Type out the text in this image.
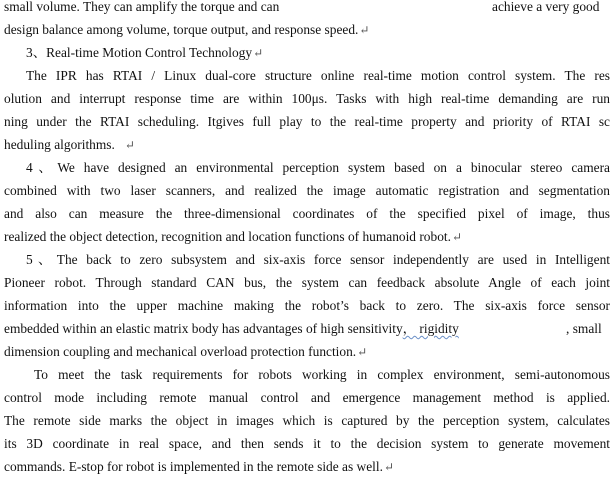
small volume. They can amplify the torque and can	achieve a very good
design balance among volume, torque output, and response speed.↵
3、Real-time Motion Control Technology↵
The IPR has RTAI / Linux dual-core structure online real-time motion control system. The res
olution and interrupt response time are within 100μs. Tasks with high real-time demanding are run
ning under the RTAI scheduling. Itgives full play to the real-time property and priority of RTAI sc
heduling algorithms. ↵
4、We have designed an environmental perception system based on a binocular stereo camera
combined with two laser scanners, and realized the image automatic registration and segmentation
and also can measure the three-dimensional coordinates of the specified pixel of image, thus
realized the object detection, recognition and location functions of humanoid robot.↵
5、The back to zero subsystem and six-axis force sensor independently are used in Intelligent
Pioneer robot. Through standard CAN bus, the system can feedback absolute Angle of each joint
information into the upper machine making the robot’s back to zero. The six-axis force sensor
embedded within an elastic matrix body has advantages of high sensitivity， rigidity	, small
dimension coupling and mechanical overload protection function.↵
To meet the task requirements for robots working in complex environment, semi-autonomous
control mode including remote manual control and emergence management method is applied.
The remote side marks the object in images which is captured by the perception system, calculates
its 3D coordinate in real space, and then sends it to the decision system to generate movement
commands. E-stop for robot is implemented in the remote side as well.↵
